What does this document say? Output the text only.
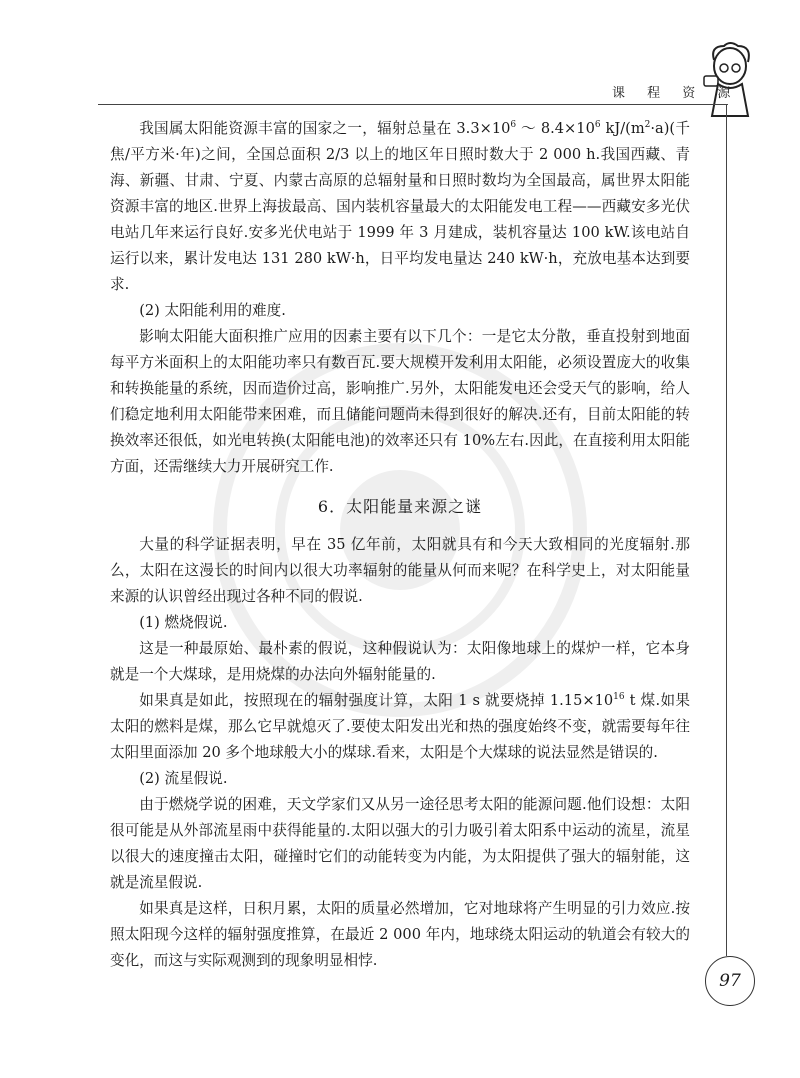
课 程 资 源

我国属太阳能资源丰富的国家之一，辐射总量在 $3.3\times 10^6$ ～ $8.4\times 10^6$ $kJ/(m^2\cdot a)$(千焦/平方米·年)之间，全国总面积 2/3 以上的地区年日照时数大于 2 000 h.我国西藏、青海、新疆、甘肃、宁夏、内蒙古高原的总辐射量和日照时数均为全国最高，属世界太阳能资源丰富的地区.世界上海拔最高、国内装机容量最大的太阳能发电工程——西藏安多光伏电站几年来运行良好.安多光伏电站于 1999 年 3 月建成，装机容量达 100 kW.该电站自运行以来，累计发电达 131 280 kW·h，日平均发电量达 240 kW·h，充放电基本达到要求.

(2) 太阳能利用的难度.

影响太阳能大面积推广应用的因素主要有以下几个：一是它太分散，垂直投射到地面每平方米面积上的太阳能功率只有数百瓦.要大规模开发利用太阳能，必须设置庞大的收集和转换能量的系统，因而造价过高，影响推广.另外，太阳能发电还会受天气的影响，给人们稳定地利用太阳能带来困难，而且储能问题尚未得到很好的解决.还有，目前太阳能的转换效率还很低，如光电转换(太阳能电池)的效率还只有 10%左右.因此，在直接利用太阳能方面，还需继续大力开展研究工作.

6．太阳能量来源之谜

大量的科学证据表明，早在 35 亿年前，太阳就具有和今天大致相同的光度辐射.那么，太阳在这漫长的时间内以很大功率辐射的能量从何而来呢？在科学史上，对太阳能量来源的认识曾经出现过各种不同的假说.

(1) 燃烧假说.

这是一种最原始、最朴素的假说，这种假说认为：太阳像地球上的煤炉一样，它本身就是一个大煤球，是用烧煤的办法向外辐射能量的.

如果真是如此，按照现在的辐射强度计算，太阳 1 s 就要烧掉 $1.15\times 10^{16}$ t 煤.如果太阳的燃料是煤，那么它早就熄灭了.要使太阳发出光和热的强度始终不变，就需要每年往太阳里面添加 20 多个地球般大小的煤球.看来，太阳是个大煤球的说法显然是错误的.

(2) 流星假说.

由于燃烧学说的困难，天文学家们又从另一途径思考太阳的能源问题.他们设想：太阳很可能是从外部流星雨中获得能量的.太阳以强大的引力吸引着太阳系中运动的流星，流星以很大的速度撞击太阳，碰撞时它们的动能转变为内能，为太阳提供了强大的辐射能，这就是流星假说.

如果真是这样，日积月累，太阳的质量必然增加，它对地球将产生明显的引力效应.按照太阳现今这样的辐射强度推算，在最近 2 000 年内，地球绕太阳运动的轨道会有较大的变化，而这与实际观测到的现象明显相悖.

97
